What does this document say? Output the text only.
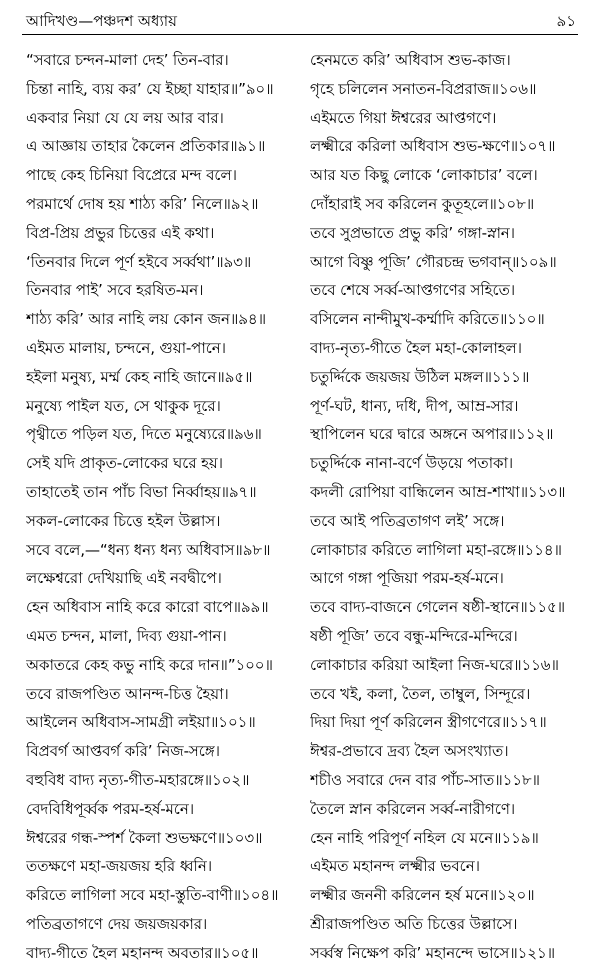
আদিখণ্ড—পঞ্চদশ অধ্যায়	৯১
“সবারে চন্দন-মালা দেহ’ তিন-বার।
চিন্তা নাহি, ব্যয় কর’ যে ইচ্ছা যাহার॥”৯০॥
একবার নিয়া যে যে লয় আর বার।
এ আজ্ঞায় তাহার কৈলেন প্রতিকার॥৯১॥
পাছে কেহ চিনিয়া বিপ্রেরে মন্দ বলে।
পরমার্থে দোষ হয় শাঠ্য করি’ নিলে॥৯২॥
বিপ্র-প্রিয় প্রভুর চিত্তের এই কথা।
‘তিনবার দিলে পূর্ণ হইবে সর্ব্বথা’॥৯৩॥
তিনবার পাই’ সবে হরষিত-মন।
শাঠ্য করি’ আর নাহি লয় কোন জন॥৯৪॥
এইমত মালায়, চন্দনে, গুয়া-পানে।
হইলা মনুষ্য, মর্ম্ম কেহ নাহি জানে॥৯৫॥
মনুষ্যে পাইল যত, সে থাকুক দূরে।
পৃথ্বীতে পড়িল যত, দিতে মনুষ্যেরে॥৯৬॥
সেই যদি প্রাকৃত-লোকের ঘরে হয়।
তাহাতেই তান পাঁচ বিভা নির্ব্বাহয়॥৯৭॥
সকল-লোকের চিত্তে হইল উল্লাস।
সবে বলে,—“ধন্য ধন্য ধন্য অধিবাস॥৯৮॥
লক্ষেশ্বরো দেখিয়াছি এই নবদ্বীপে।
হেন অধিবাস নাহি করে কারো বাপে॥৯৯॥
এমত চন্দন, মালা, দিব্য গুয়া-পান।
অকাতরে কেহ কভু নাহি করে দান॥”১০০॥
তবে রাজপণ্ডিত আনন্দ-চিত্ত হৈয়া।
আইলেন অধিবাস-সামগ্রী লইয়া॥১০১॥
বিপ্রবর্গ আপ্তবর্গ করি’ নিজ-সঙ্গে।
বহুবিধ বাদ্য নৃত্য-গীত-মহারঙ্গে॥১০২॥
বেদবিধিপূর্ব্বক পরম-হর্ষ-মনে।
ঈশ্বরের গন্ধ-স্পর্শ কৈলা শুভক্ষণে॥১০৩॥
ততক্ষণে মহা-জয়জয় হরি ধ্বনি।
করিতে লাগিলা সবে মহা-স্তুতি-বাণী॥১০৪॥
পতিব্রতাগণে দেয় জয়জয়কার।
বাদ্য-গীতে হৈল মহানন্দ অবতার॥১০৫॥
হেনমতে করি’ অধিবাস শুভ-কাজ।
গৃহে চলিলেন সনাতন-বিপ্ররাজ॥১০৬॥
এইমতে গিয়া ঈশ্বরের আপ্তগণে।
লক্ষ্মীরে করিলা অধিবাস শুভ-ক্ষণে॥১০৭॥
আর যত কিছু লোকে ‘লোকাচার’ বলে।
দোঁহারাই সব করিলেন কুতূহলে॥১০৮॥
তবে সুপ্রভাতে প্রভু করি’ গঙ্গা-স্নান।
আগে বিষ্ণু পূজি’ গৌরচন্দ্র ভগবান্॥১০৯॥
তবে শেষে সর্ব্ব-আপ্তগণের সহিতে।
বসিলেন নান্দীমুখ-কর্ম্মাদি করিতে॥১১০॥
বাদ্য-নৃত্য-গীতে হৈল মহা-কোলাহল।
চতুর্দ্দিকে জয়জয় উঠিল মঙ্গল॥১১১॥
পূর্ণ-ঘট, ধান্য, দধি, দীপ, আম্র-সার।
স্থাপিলেন ঘরে দ্বারে অঙ্গনে অপার॥১১২॥
চতুর্দ্দিকে নানা-বর্ণে উড়য়ে পতাকা।
কদলী রোপিয়া বান্ধিলেন আম্র-শাখা॥১১৩॥
তবে আই পতিব্রতাগণ লই’ সঙ্গে।
লোকাচার করিতে লাগিলা মহা-রঙ্গে॥১১৪॥
আগে গঙ্গা পূজিয়া পরম-হর্ষ-মনে।
তবে বাদ্য-বাজনে গেলেন ষষ্ঠী-স্থানে॥১১৫॥
ষষ্ঠী পূজি’ তবে বন্ধু-মন্দিরে-মন্দিরে।
লোকাচার করিয়া আইলা নিজ-ঘরে॥১১৬॥
তবে খই, কলা, তৈল, তাম্বুল, সিন্দূরে।
দিয়া দিয়া পূর্ণ করিলেন স্ত্রীগণেরে॥১১৭॥
ঈশ্বর-প্রভাবে দ্রব্য হৈল অসংখ্যাত।
শচীও সবারে দেন বার পাঁচ-সাত॥১১৮॥
তৈলে স্নান করিলেন সর্ব্ব-নারীগণে।
হেন নাহি পরিপূর্ণ নহিল যে মনে॥১১৯॥
এইমত মহানন্দ লক্ষ্মীর ভবনে।
লক্ষ্মীর জননী করিলেন হর্ষ মনে॥১২০॥
শ্রীরাজপণ্ডিত অতি চিত্তের উল্লাসে।
সর্ব্বস্ব নিক্ষেপ করি’ মহানন্দে ভাসে॥১২১॥
